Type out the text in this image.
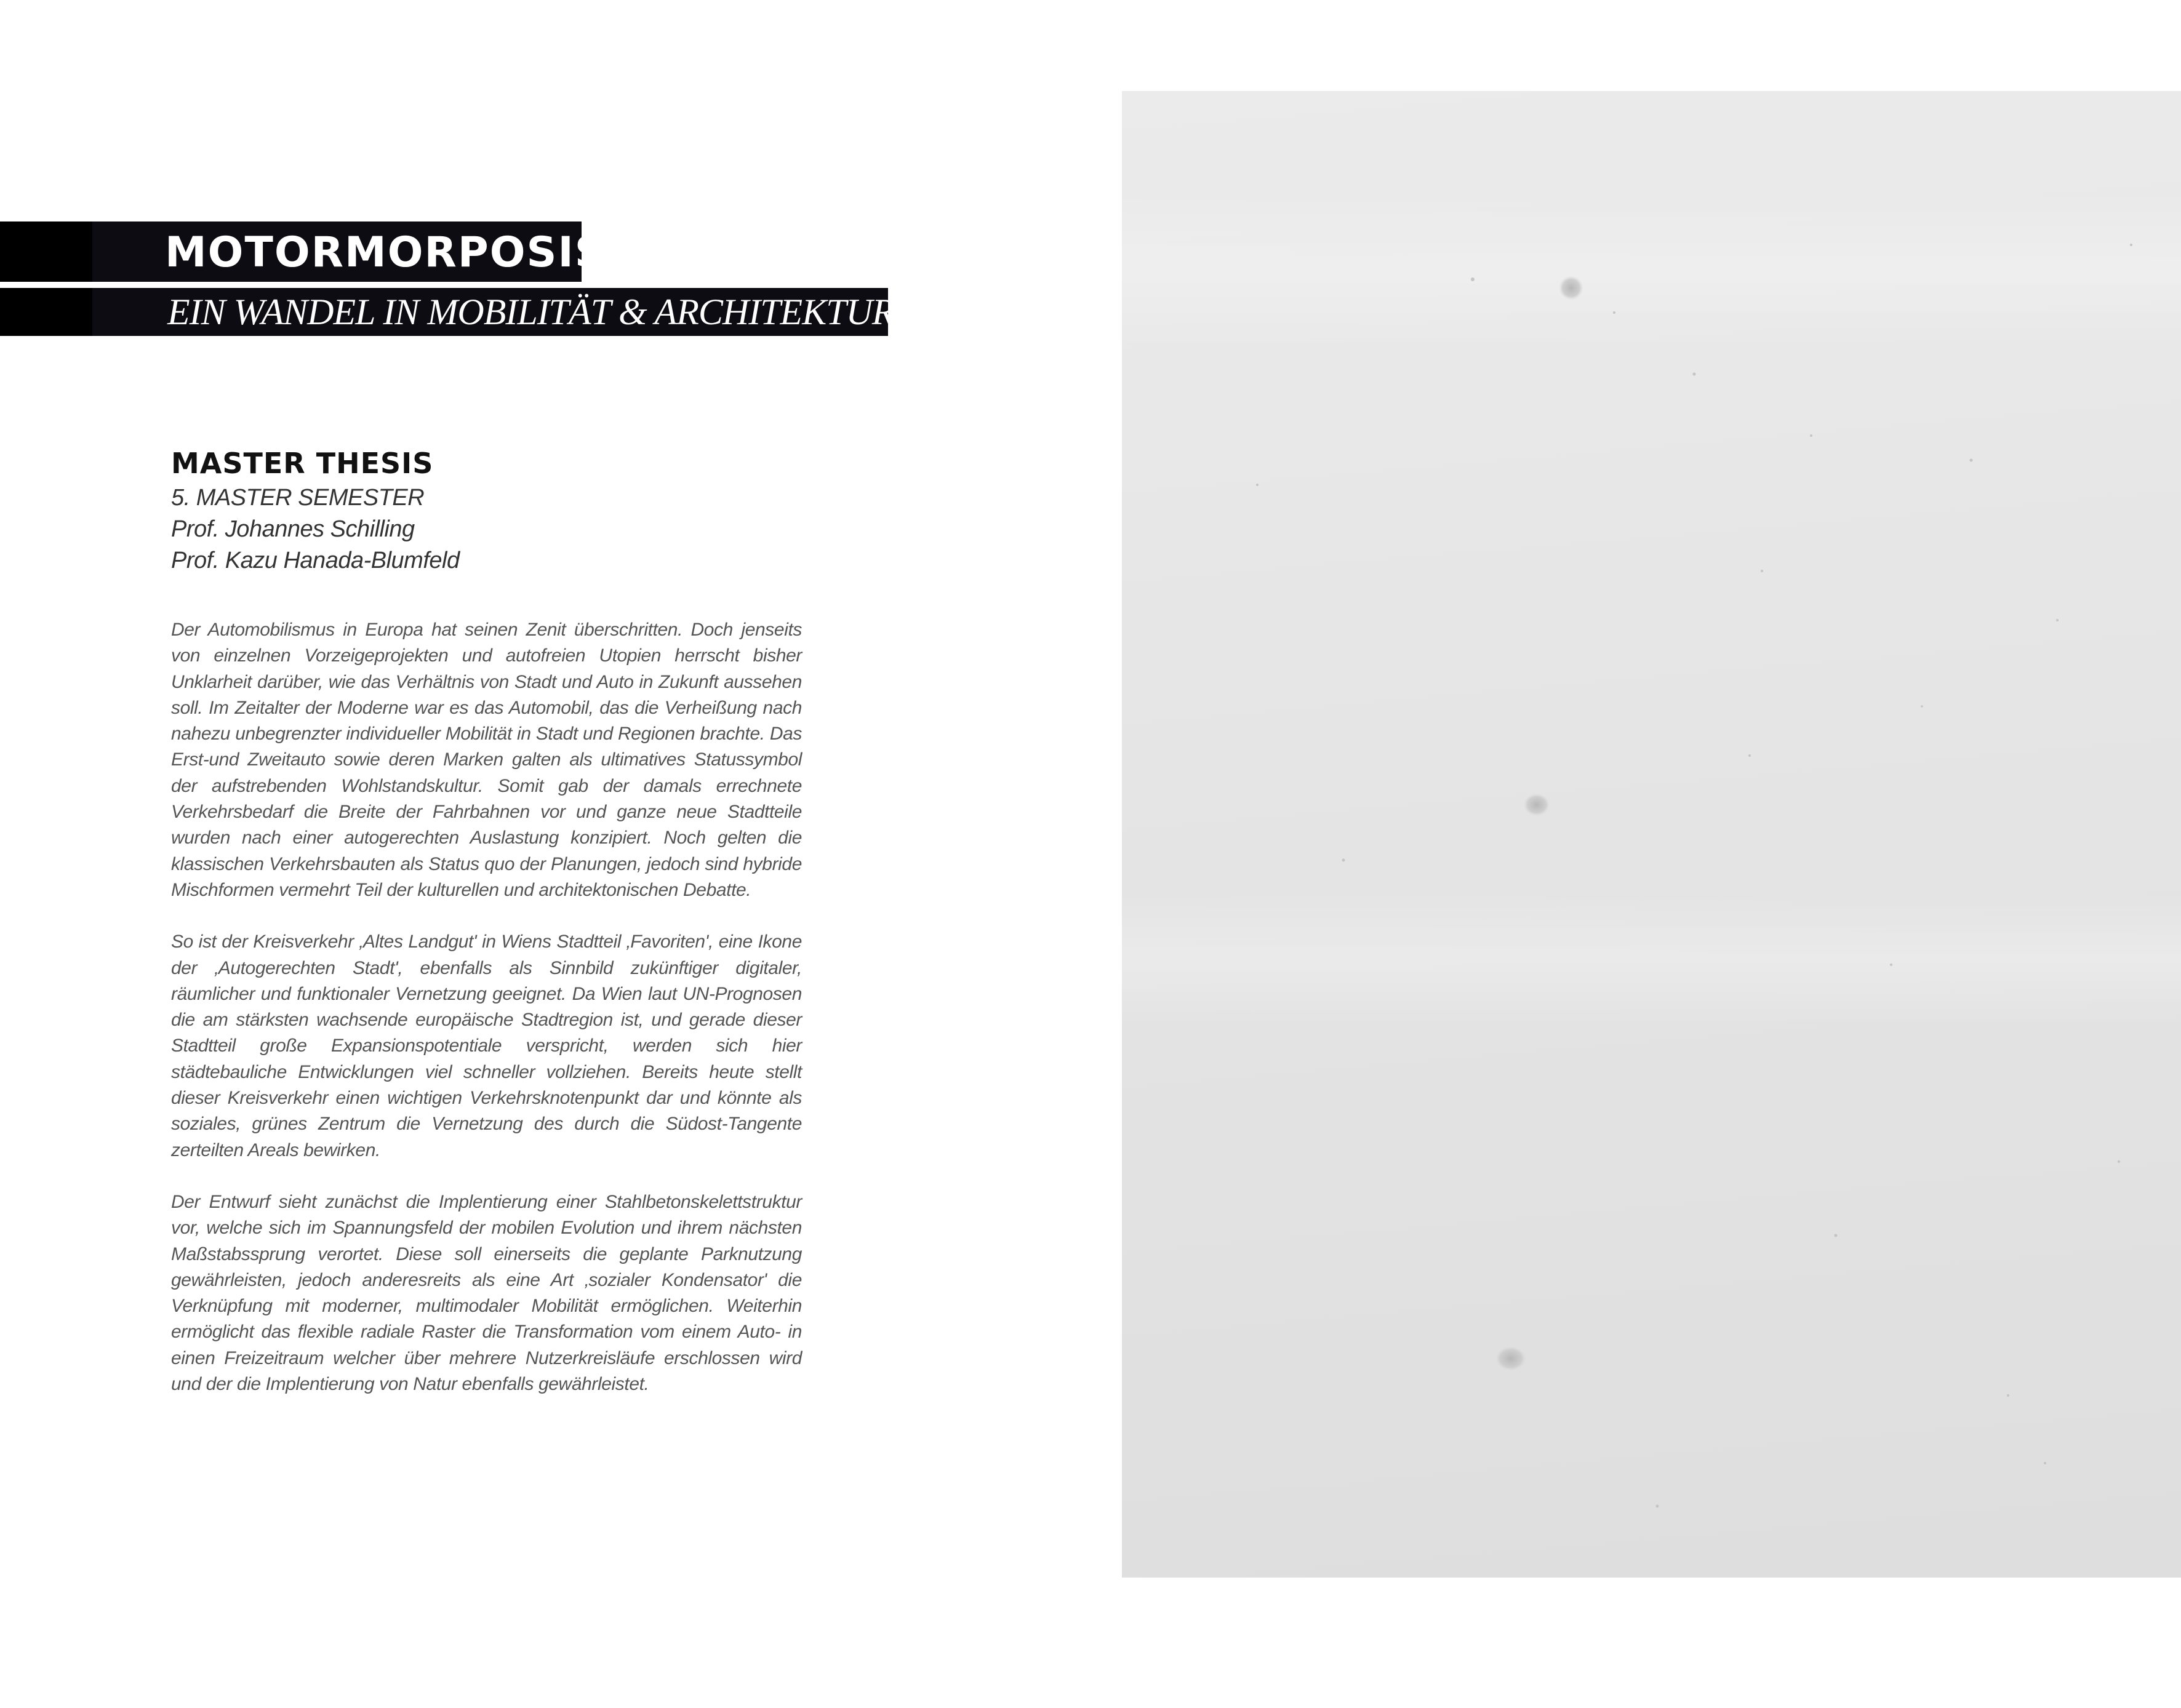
MOTORMORPOSIS
EIN WANDEL IN MOBILITÄT & ARCHITEKTUR
MASTER THESIS
5. MASTER SEMESTER
Prof. Johannes Schilling
Prof. Kazu Hanada-Blumfeld

Der Automobilismus in Europa hat seinen Zenit überschritten. Doch jenseits von einzelnen Vorzeigeprojekten und autofreien Utopien herrscht bisher Unklarheit darüber, wie das Verhältnis von Stadt und Auto in Zukunft aussehen soll. Im Zeitalter der Moderne war es das Automobil, das die Verheißung nach nahezu unbegrenzter individueller Mobilität in Stadt und Regionen brachte. Das Erst-und Zweitauto sowie deren Marken galten als ultimatives Statussymbol der aufstrebenden Wohlstandskultur. Somit gab der damals errechnete Verkehrsbedarf die Breite der Fahrbahnen vor und ganze neue Stadtteile wurden nach einer autogerechten Auslastung konzipiert. Noch gelten die klassischen Verkehrsbauten als Status quo der Planungen, jedoch sind hybride Mischformen vermehrt Teil der kulturellen und architektonischen Debatte.

So ist der Kreisverkehr ‚Altes Landgut' in Wiens Stadtteil ‚Favoriten', eine Ikone der ‚Autogerechten Stadt', ebenfalls als Sinnbild zukünftiger digitaler, räumlicher und funktionaler Vernetzung geeignet. Da Wien laut UN-Prognosen die am stärksten wachsende europäische Stadtregion ist, und gerade dieser Stadtteil große Expansionspotentiale verspricht, werden sich hier städtebauliche Entwicklungen viel schneller vollziehen. Bereits heute stellt dieser Kreisverkehr einen wichtigen Verkehrsknotenpunkt dar und könnte als soziales, grünes Zentrum die Vernetzung des durch die Südost-Tangente zerteilten Areals bewirken.

Der Entwurf sieht zunächst die Implentierung einer Stahlbetonskelettstruktur vor, welche sich im Spannungsfeld der mobilen Evolution und ihrem nächsten Maßstabssprung verortet. Diese soll einerseits die geplante Parknutzung gewährleisten, jedoch anderesreits als eine Art ‚sozialer Kondensator' die Verknüpfung mit moderner, multimodaler Mobilität ermöglichen. Weiterhin ermöglicht das flexible radiale Raster die Transformation vom einem Auto- in einen Freizeitraum welcher über mehrere Nutzerkreisläufe erschlossen wird und der die Implentierung von Natur ebenfalls gewährleistet.
